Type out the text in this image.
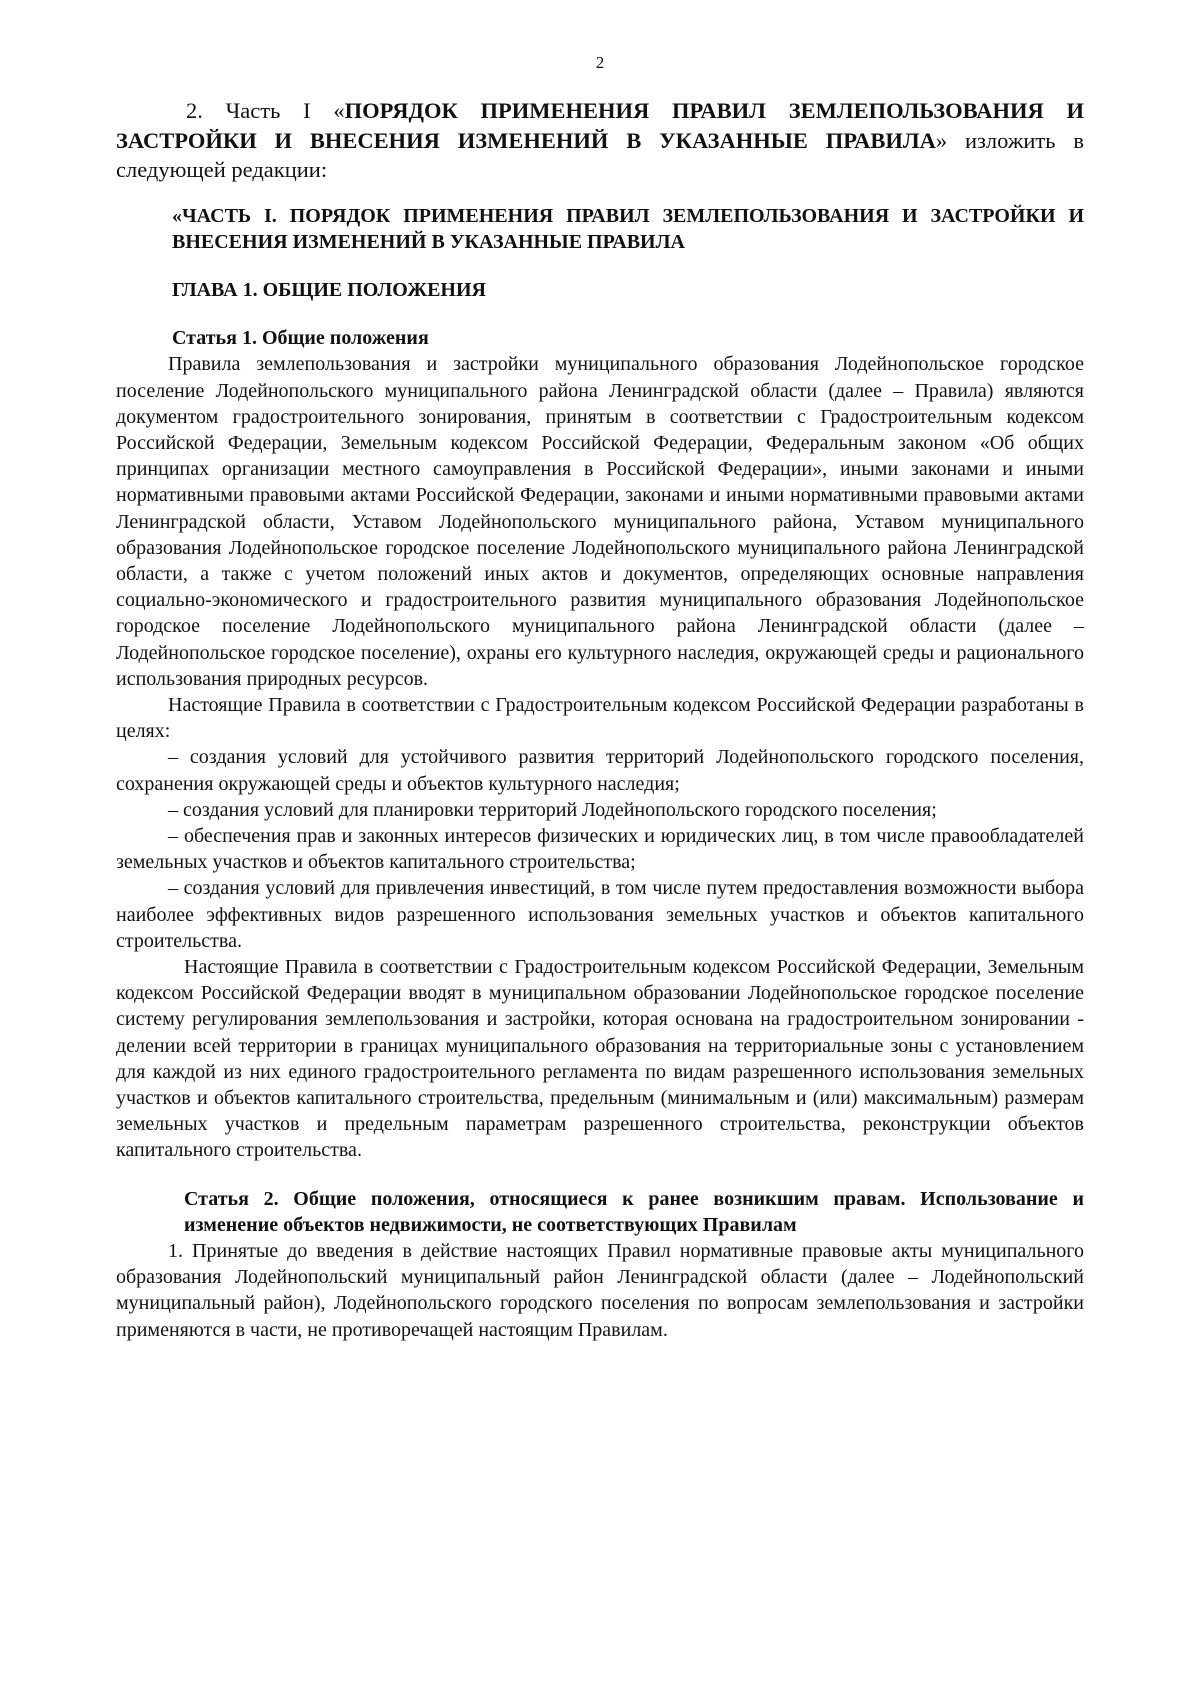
2

2. Часть I «ПОРЯДОК ПРИМЕНЕНИЯ ПРАВИЛ ЗЕМЛЕПОЛЬЗОВАНИЯ И ЗАСТРОЙКИ И ВНЕСЕНИЯ ИЗМЕНЕНИЙ В УКАЗАННЫЕ ПРАВИЛА» изложить в следующей редакции:

«ЧАСТЬ I. ПОРЯДОК ПРИМЕНЕНИЯ ПРАВИЛ ЗЕМЛЕПОЛЬЗОВАНИЯ И ЗАСТРОЙКИ И ВНЕСЕНИЯ ИЗМЕНЕНИЙ В УКАЗАННЫЕ ПРАВИЛА

ГЛАВА 1. ОБЩИЕ ПОЛОЖЕНИЯ

Статья 1. Общие положения

Правила землепользования и застройки муниципального образования Лодейнопольское городское поселение Лодейнопольского муниципального района Ленинградской области (далее – Правила) являются документом градостроительного зонирования, принятым в соответствии с Градостроительным кодексом Российской Федерации, Земельным кодексом Российской Федерации, Федеральным законом «Об общих принципах организации местного самоуправления в Российской Федерации», иными законами и иными нормативными правовыми актами Российской Федерации, законами и иными нормативными правовыми актами Ленинградской области, Уставом Лодейнопольского муниципального района, Уставом муниципального образования Лодейнопольское городское поселение Лодейнопольского муниципального района Ленинградской области, а также с учетом положений иных актов и документов, определяющих основные направления социально-экономического и градостроительного развития муниципального образования Лодейнопольское городское поселение Лодейнопольского муниципального района Ленинградской области (далее – Лодейнопольское городское поселение), охраны его культурного наследия, окружающей среды и рационального использования природных ресурсов.

Настоящие Правила в соответствии с Градостроительным кодексом Российской Федерации разработаны в целях:

– создания условий для устойчивого развития территорий Лодейнопольского городского поселения, сохранения окружающей среды и объектов культурного наследия;

– создания условий для планировки территорий Лодейнопольского городского поселения;

– обеспечения прав и законных интересов физических и юридических лиц, в том числе правообладателей земельных участков и объектов капитального строительства;

– создания условий для привлечения инвестиций, в том числе путем предоставления возможности выбора наиболее эффективных видов разрешенного использования земельных участков и объектов капитального строительства.

Настоящие Правила в соответствии с Градостроительным кодексом Российской Федерации, Земельным кодексом Российской Федерации вводят в муниципальном образовании Лодейнопольское городское поселение систему регулирования землепользования и застройки, которая основана на градостроительном зонировании - делении всей территории в границах муниципального образования на территориальные зоны с установлением для каждой из них единого градостроительного регламента по видам разрешенного использования земельных участков и объектов капитального строительства, предельным (минимальным и (или) максимальным) размерам земельных участков и предельным параметрам разрешенного строительства, реконструкции объектов капитального строительства.

Статья 2. Общие положения, относящиеся к ранее возникшим правам. Использование и изменение объектов недвижимости, не соответствующих Правилам

1. Принятые до введения в действие настоящих Правил нормативные правовые акты муниципального образования Лодейнопольский муниципальный район Ленинградской области (далее – Лодейнопольский муниципальный район), Лодейнопольского городского поселения по вопросам землепользования и застройки применяются в части, не противоречащей настоящим Правилам.
